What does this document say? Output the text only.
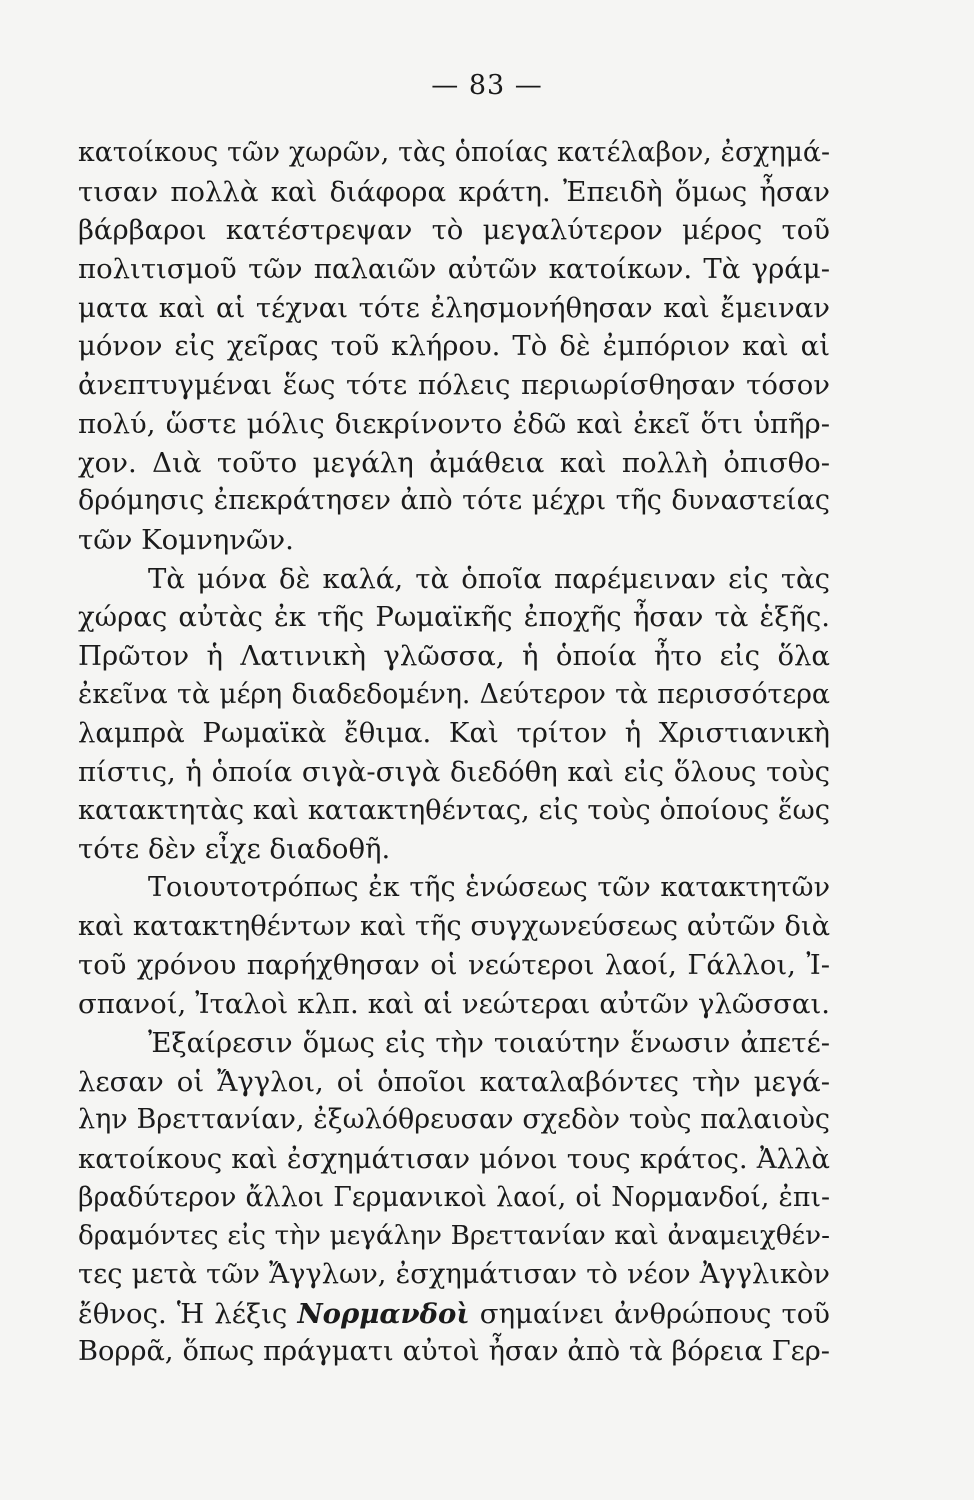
— 83 —
κατοίκους τῶν χωρῶν, τὰς ὁποίας κατέλαβον, ἐσχημά-
τισαν πολλὰ καὶ διάφορα κράτη. Ἐπειδὴ ὅμως ἦσαν
βάρβαροι κατέστρεψαν τὸ μεγαλύτερον μέρος τοῦ
πολιτισμοῦ τῶν παλαιῶν αὐτῶν κατοίκων. Τὰ γράμ-
ματα καὶ αἱ τέχναι τότε ἐλησμονήθησαν καὶ ἔμειναν
μόνον εἰς χεῖρας τοῦ κλήρου. Τὸ δὲ ἐμπόριον καὶ αἱ
ἀνεπτυγμέναι ἕως τότε πόλεις περιωρίσθησαν τόσον
πολύ, ὥστε μόλις διεκρίνοντο ἐδῶ καὶ ἐκεῖ ὅτι ὑπῆρ-
χον. Διὰ τοῦτο μεγάλη ἀμάθεια καὶ πολλὴ ὀπισθο-
δρόμησις ἐπεκράτησεν ἀπὸ τότε μέχρι τῆς δυναστείας
τῶν Κομνηνῶν.
Τὰ μόνα δὲ καλά, τὰ ὁποῖα παρέμειναν εἰς τὰς
χώρας αὐτὰς ἐκ τῆς Ρωμαϊκῆς ἐποχῆς ἦσαν τὰ ἑξῆς.
Πρῶτον ἡ Λατινικὴ γλῶσσα, ἡ ὁποία ἦτο εἰς ὅλα
ἐκεῖνα τὰ μέρη διαδεδομένη. Δεύτερον τὰ περισσότερα
λαμπρὰ Ρωμαϊκὰ ἔθιμα. Καὶ τρίτον ἡ Χριστιανικὴ
πίστις, ἡ ὁποία σιγὰ-σιγὰ διεδόθη καὶ εἰς ὅλους τοὺς
κατακτητὰς καὶ κατακτηθέντας, εἰς τοὺς ὁποίους ἕως
τότε δὲν εἶχε διαδοθῆ.
Τοιουτοτρόπως ἐκ τῆς ἑνώσεως τῶν κατακτητῶν
καὶ κατακτηθέντων καὶ τῆς συγχωνεύσεως αὐτῶν διὰ
τοῦ χρόνου παρήχθησαν οἱ νεώτεροι λαοί, Γάλλοι, Ἰ-
σπανοί, Ἰταλοὶ κλπ. καὶ αἱ νεώτεραι αὐτῶν γλῶσσαι.
Ἐξαίρεσιν ὅμως εἰς τὴν τοιαύτην ἕνωσιν ἀπετέ-
λεσαν οἱ Ἄγγλοι, οἱ ὁποῖοι καταλαβόντες τὴν μεγά-
λην Βρεττανίαν, ἐξωλόθρευσαν σχεδὸν τοὺς παλαιοὺς
κατοίκους καὶ ἐσχημάτισαν μόνοι τους κράτος. Ἀλλὰ
βραδύτερον ἄλλοι Γερμανικοὶ λαοί, οἱ Νορμανδοί, ἐπι-
δραμόντες εἰς τὴν μεγάλην Βρεττανίαν καὶ ἀναμειχθέν-
τες μετὰ τῶν Ἄγγλων, ἐσχημάτισαν τὸ νέον Ἀγγλικὸν
ἔθνος. Ἡ λέξις Νορμανδοὶ σημαίνει ἀνθρώπους τοῦ
Βορρᾶ, ὅπως πράγματι αὐτοὶ ἦσαν ἀπὸ τὰ βόρεια Γερ-
